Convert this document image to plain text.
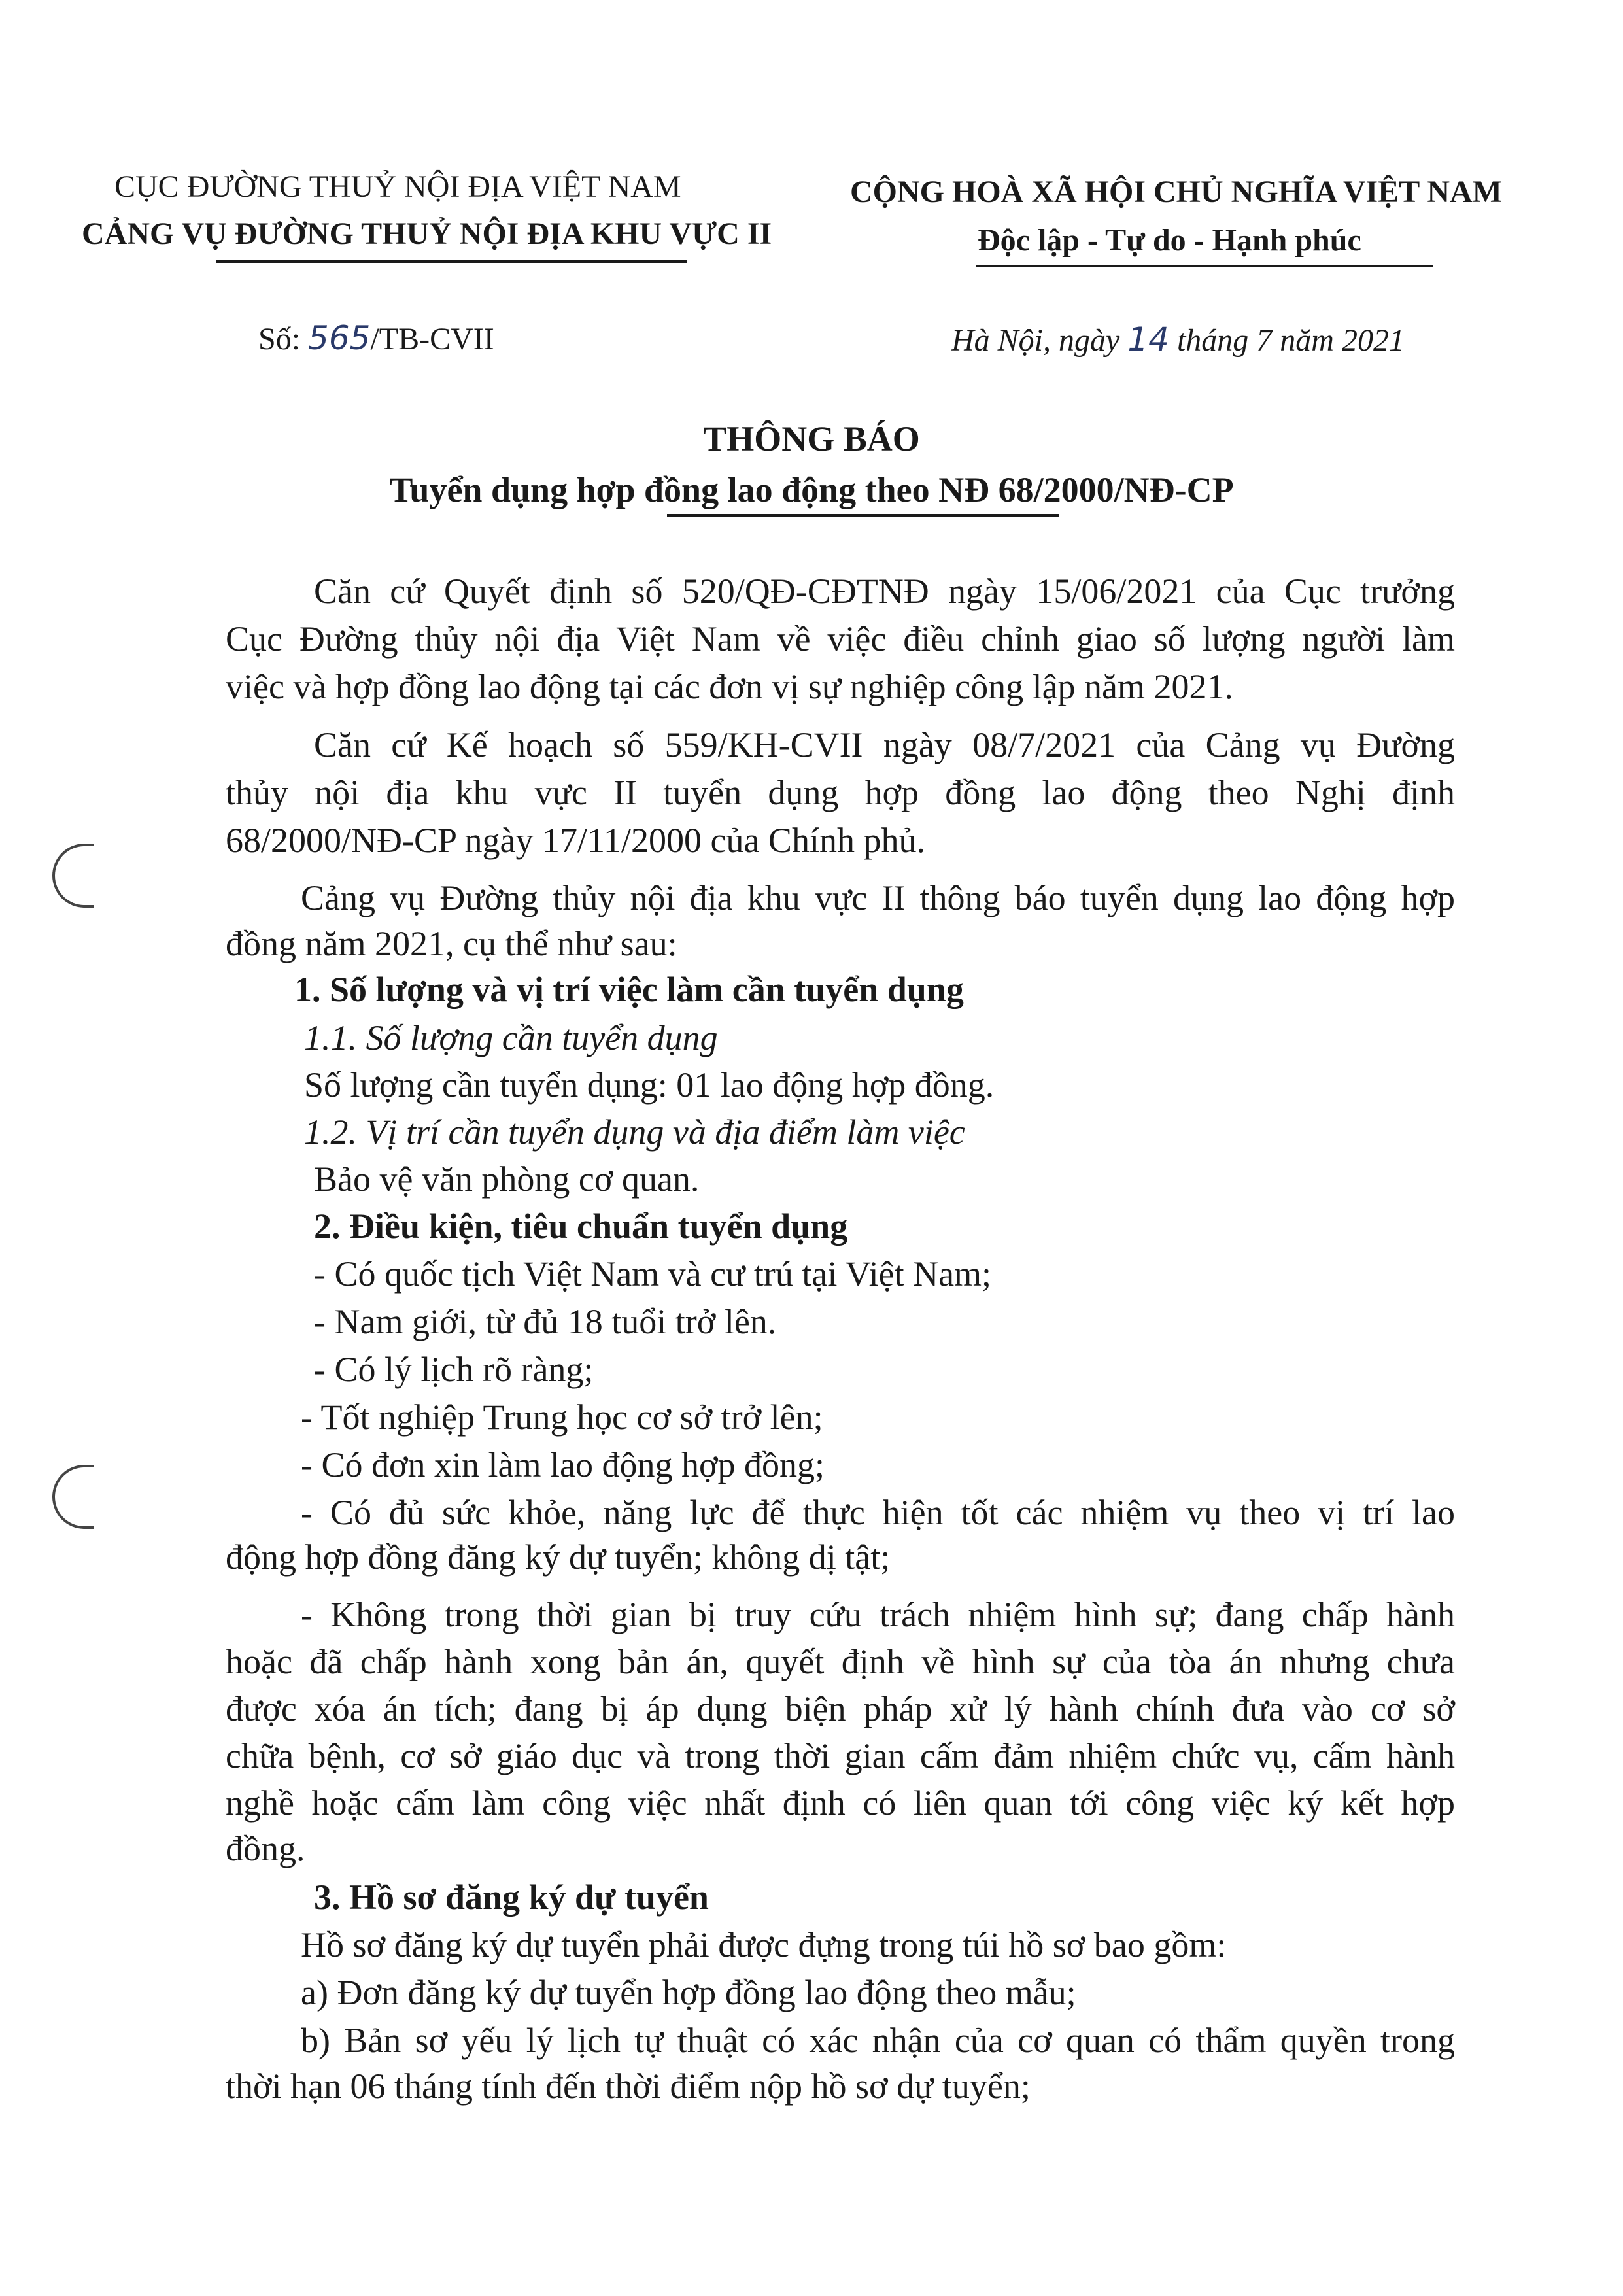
CỤC ĐƯỜNG THUỶ NỘI ĐỊA VIỆT NAM
CẢNG VỤ ĐƯỜNG THUỶ NỘI ĐỊA KHU VỰC II
CỘNG HOÀ XÃ HỘI CHỦ NGHĨA VIỆT NAM
Độc lập - Tự do - Hạnh phúc
Số: 565/TB-CVII	Hà Nội, ngày 14 tháng 7 năm 2021
THÔNG BÁO
Tuyển dụng hợp đồng lao động theo NĐ 68/2000/NĐ-CP
Căn cứ Quyết định số 520/QĐ-CĐTNĐ ngày 15/06/2021 của Cục trưởng
Cục Đường thủy nội địa Việt Nam về việc điều chỉnh giao số lượng người làm
việc và hợp đồng lao động tại các đơn vị sự nghiệp công lập năm 2021.
Căn cứ Kế hoạch số 559/KH-CVII ngày 08/7/2021 của Cảng vụ Đường
thủy nội địa khu vực II tuyển dụng hợp đồng lao động theo Nghị định
68/2000/NĐ-CP ngày 17/11/2000 của Chính phủ.
Cảng vụ Đường thủy nội địa khu vực II thông báo tuyển dụng lao động hợp
đồng năm 2021, cụ thể như sau:
1. Số lượng và vị trí việc làm cần tuyển dụng
1.1. Số lượng cần tuyển dụng
Số lượng cần tuyển dụng: 01 lao động hợp đồng.
1.2. Vị trí cần tuyển dụng và địa điểm làm việc
Bảo vệ văn phòng cơ quan.
2. Điều kiện, tiêu chuẩn tuyển dụng
- Có quốc tịch Việt Nam và cư trú tại Việt Nam;
- Nam giới, từ đủ 18 tuổi trở lên.
- Có lý lịch rõ ràng;
- Tốt nghiệp Trung học cơ sở trở lên;
- Có đơn xin làm lao động hợp đồng;
- Có đủ sức khỏe, năng lực để thực hiện tốt các nhiệm vụ theo vị trí lao
động hợp đồng đăng ký dự tuyển; không dị tật;
- Không trong thời gian bị truy cứu trách nhiệm hình sự; đang chấp hành
hoặc đã chấp hành xong bản án, quyết định về hình sự của tòa án nhưng chưa
được xóa án tích; đang bị áp dụng biện pháp xử lý hành chính đưa vào cơ sở
chữa bệnh, cơ sở giáo dục và trong thời gian cấm đảm nhiệm chức vụ, cấm hành
nghề hoặc cấm làm công việc nhất định có liên quan tới công việc ký kết hợp
đồng.
3. Hồ sơ đăng ký dự tuyển
Hồ sơ đăng ký dự tuyển phải được đựng trong túi hồ sơ bao gồm:
a) Đơn đăng ký dự tuyển hợp đồng lao động theo mẫu;
b) Bản sơ yếu lý lịch tự thuật có xác nhận của cơ quan có thẩm quyền trong
thời hạn 06 tháng tính đến thời điểm nộp hồ sơ dự tuyển;
